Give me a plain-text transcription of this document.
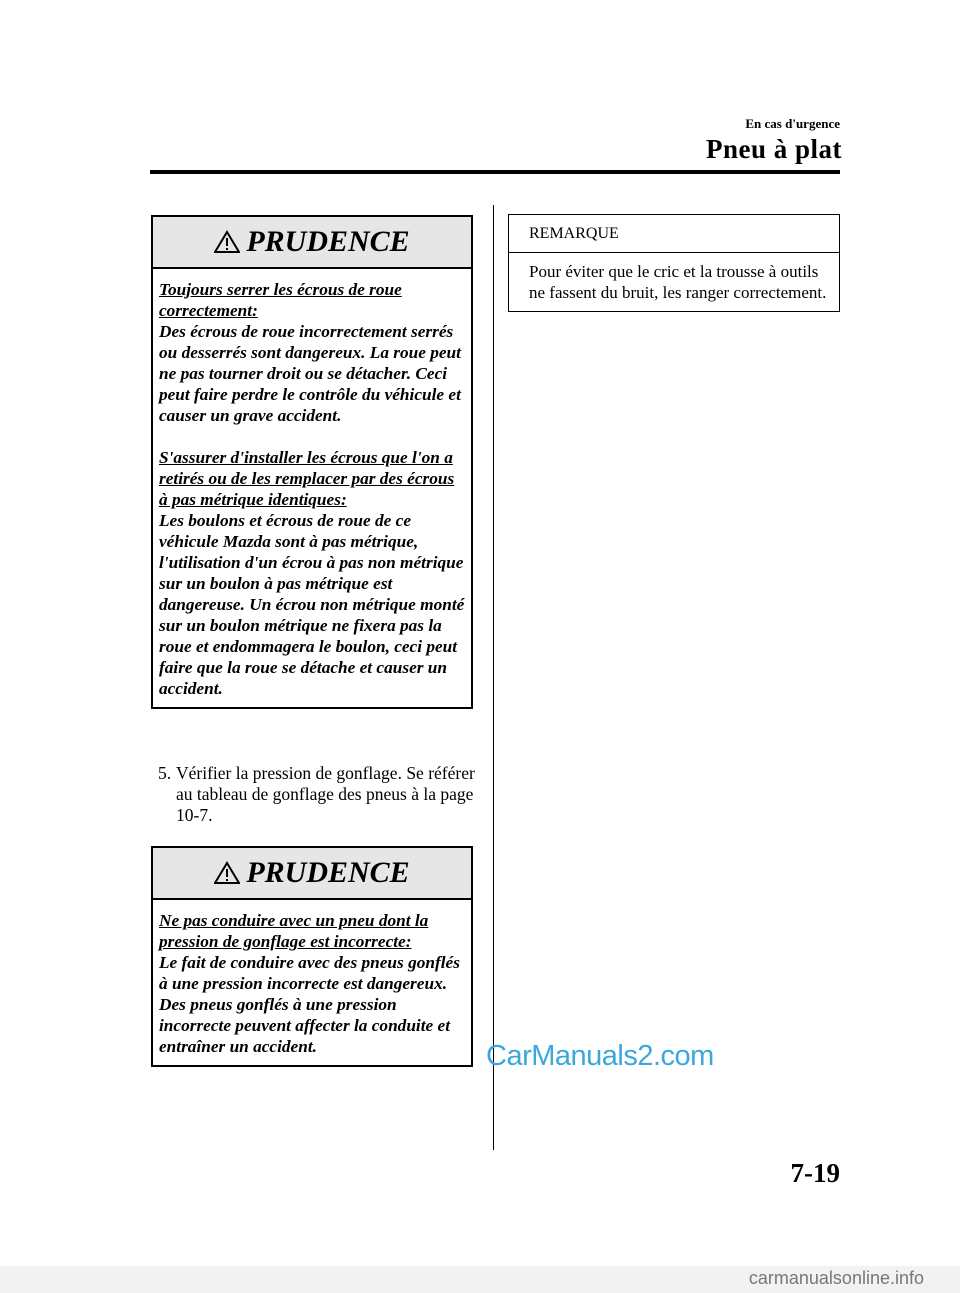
En cas d'urgence
Pneu à plat
PRUDENCE
Toujours serrer les écrous de roue correctement:

Des écrous de roue incorrectement serrés ou desserrés sont dangereux. La roue peut ne pas tourner droit ou se détacher. Ceci peut faire perdre le contrôle du véhicule et causer un grave accident.

S'assurer d'installer les écrous que l'on a retirés ou de les remplacer par des écrous à pas métrique identiques:

Les boulons et écrous de roue de ce véhicule Mazda sont à pas métrique, l'utilisation d'un écrou à pas non métrique sur un boulon à pas métrique est dangereuse. Un écrou non métrique monté sur un boulon métrique ne fixera pas la roue et endommagera le boulon, ceci peut faire que la roue se détache et causer un accident.

5. Vérifier la pression de gonflage. Se référer au tableau de gonflage des pneus à la page 10-7.
PRUDENCE
Ne pas conduire avec un pneu dont la pression de gonflage est incorrecte:

Le fait de conduire avec des pneus gonflés à une pression incorrecte est dangereux. Des pneus gonflés à une pression incorrecte peuvent affecter la conduite et entraîner un accident.

REMARQUE
Pour éviter que le cric et la trousse à outils ne fassent du bruit, les ranger correctement.
CarManuals2.com
7-19
carmanualsonline.info
